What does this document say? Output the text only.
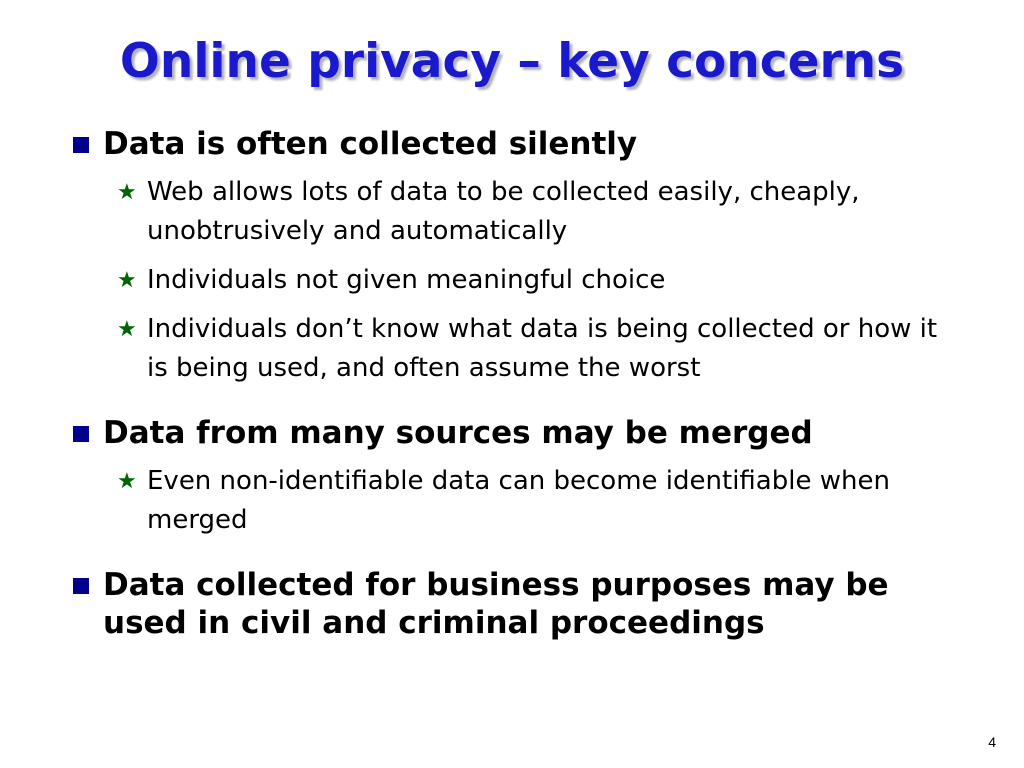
Online privacy – key concerns
Data is often collected silently
★ Web allows lots of data to be collected easily, cheaply, unobtrusively and automatically
★ Individuals not given meaningful choice
★ Individuals don’t know what data is being collected or how it is being used, and often assume the worst
Data from many sources may be merged
★ Even non-identifiable data can become identifiable when merged
Data collected for business purposes may be used in civil and criminal proceedings
4
